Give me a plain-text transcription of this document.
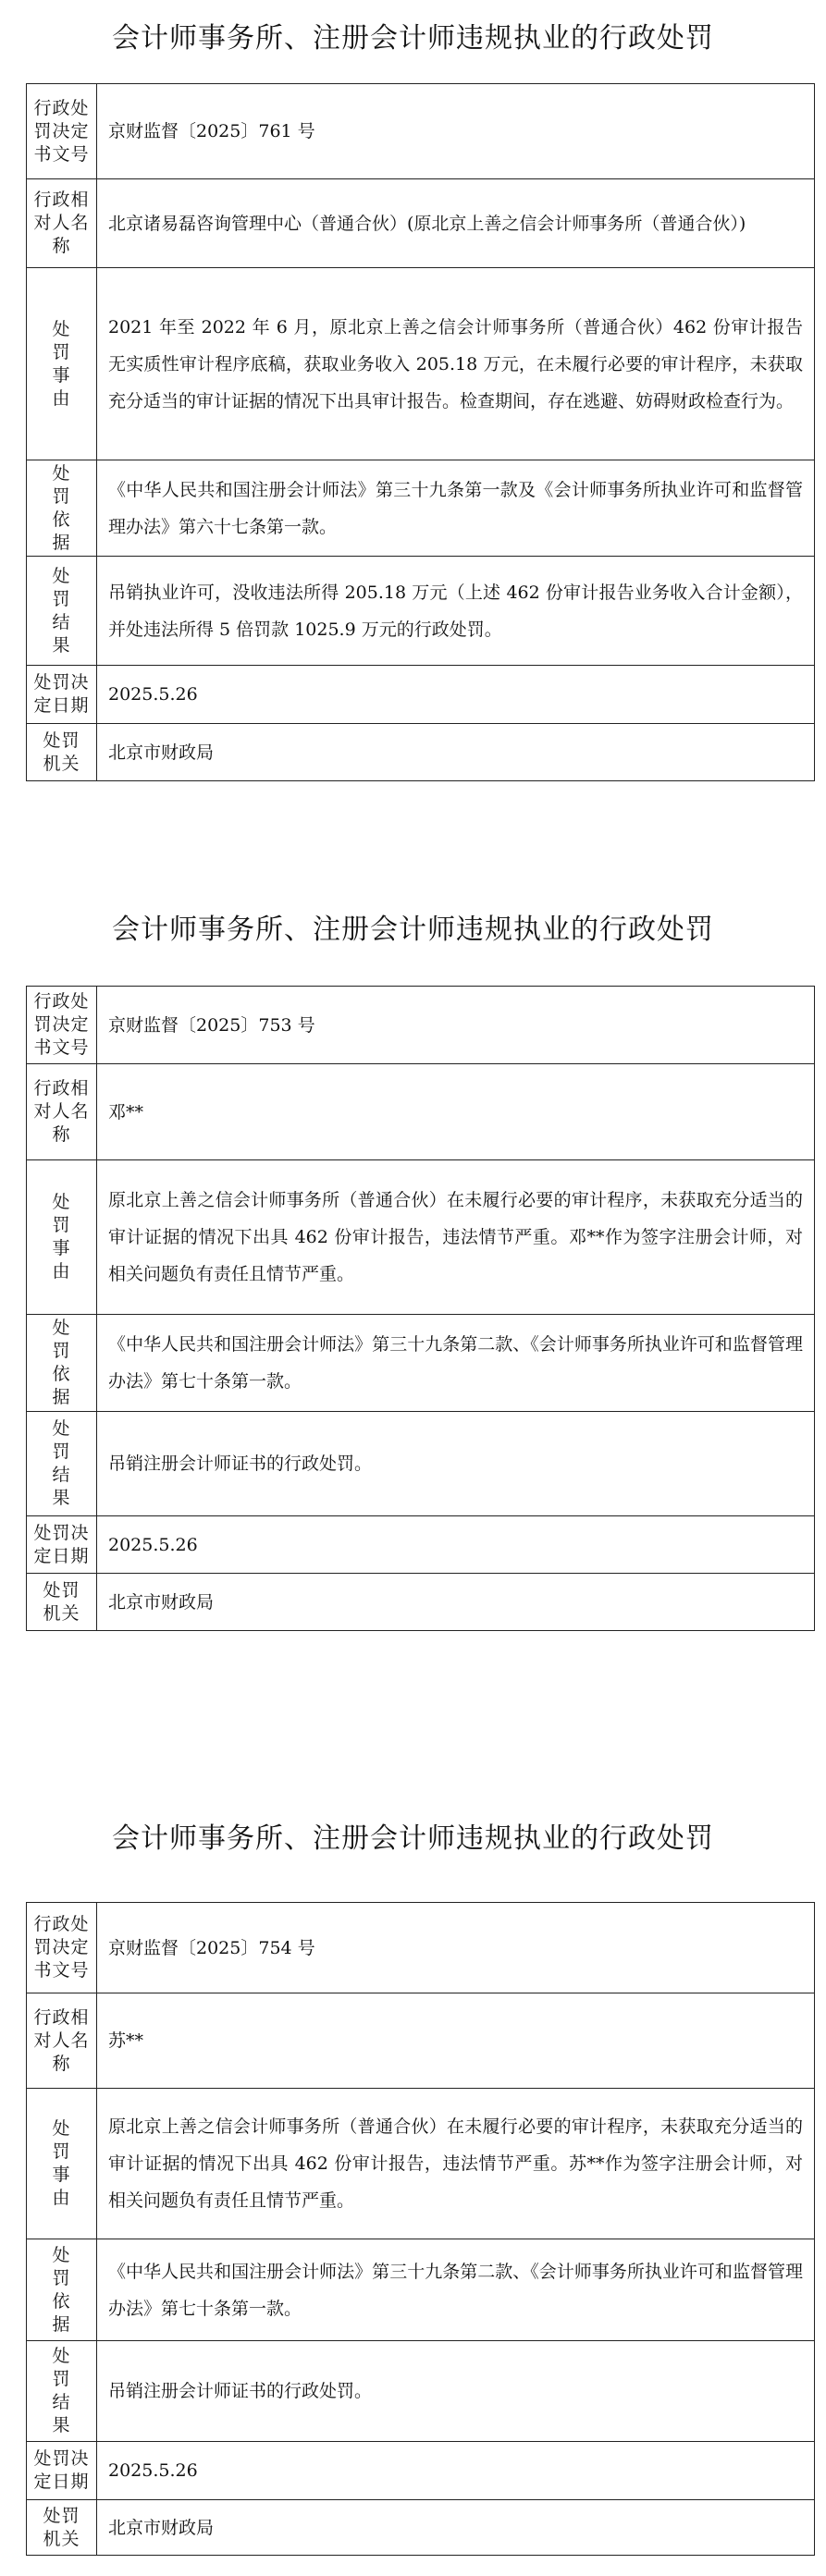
会计师事务所、注册会计师违规执业的行政处罚
行政处罚决定书文号	京财监督〔2025〕761 号
行政相对人名称	北京诸易磊咨询管理中心（普通合伙）(原北京上善之信会计师事务所（普通合伙）)
处罚事由	2021 年至 2022 年 6 月，原北京上善之信会计师事务所（普通合伙）462 份审计报告无实质性审计程序底稿，获取业务收入 205.18 万元，在未履行必要的审计程序，未获取充分适当的审计证据的情况下出具审计报告。检查期间，存在逃避、妨碍财政检查行为。
处罚依据	《中华人民共和国注册会计师法》第三十九条第一款及《会计师事务所执业许可和监督管理办法》第六十七条第一款。
处罚结果	吊销执业许可，没收违法所得 205.18 万元（上述 462 份审计报告业务收入合计金额），并处违法所得 5 倍罚款 1025.9 万元的行政处罚。
处罚决定日期	2025.5.26
处罚机关	北京市财政局
会计师事务所、注册会计师违规执业的行政处罚
行政处罚决定书文号	京财监督〔2025〕753 号
行政相对人名称	邓**
处罚事由	原北京上善之信会计师事务所（普通合伙）在未履行必要的审计程序，未获取充分适当的审计证据的情况下出具 462 份审计报告，违法情节严重。邓**作为签字注册会计师，对相关问题负有责任且情节严重。
处罚依据	《中华人民共和国注册会计师法》第三十九条第二款、《会计师事务所执业许可和监督管理办法》第七十条第一款。
处罚结果	吊销注册会计师证书的行政处罚。
处罚决定日期	2025.5.26
处罚机关	北京市财政局
会计师事务所、注册会计师违规执业的行政处罚
行政处罚决定书文号	京财监督〔2025〕754 号
行政相对人名称	苏**
处罚事由	原北京上善之信会计师事务所（普通合伙）在未履行必要的审计程序，未获取充分适当的审计证据的情况下出具 462 份审计报告，违法情节严重。苏**作为签字注册会计师，对相关问题负有责任且情节严重。
处罚依据	《中华人民共和国注册会计师法》第三十九条第二款、《会计师事务所执业许可和监督管理办法》第七十条第一款。
处罚结果	吊销注册会计师证书的行政处罚。
处罚决定日期	2025.5.26
处罚机关	北京市财政局
